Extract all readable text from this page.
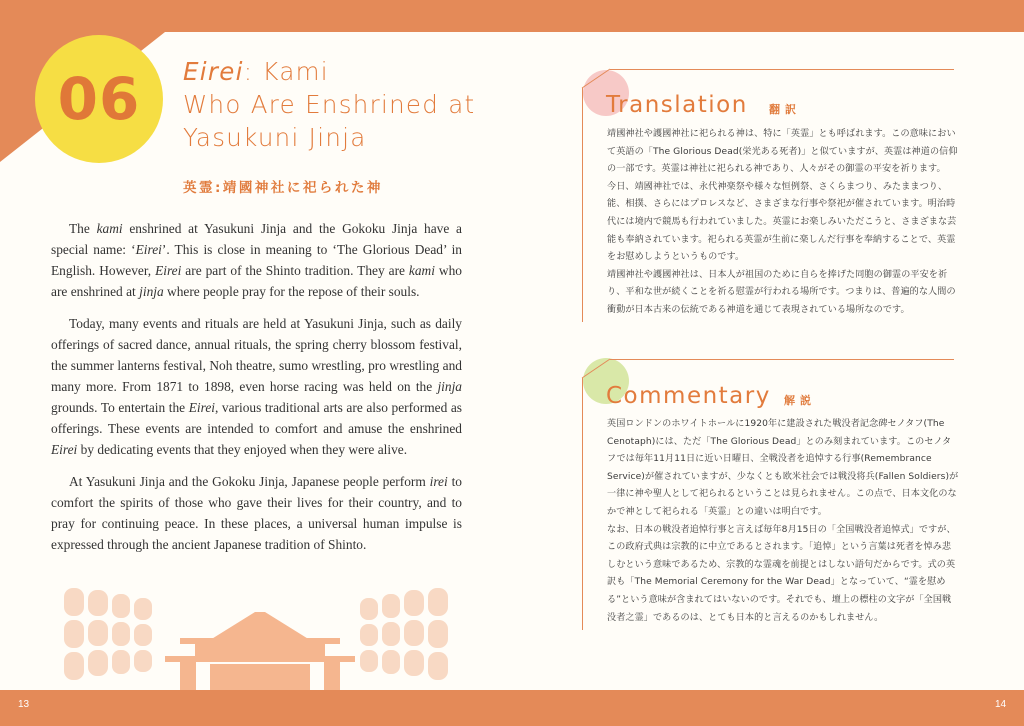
06	Eirei: Kami
Who Are Enshrined at
Yasukuni Jinja
英霊:靖國神社に祀られた神

The kami enshrined at Yasukuni Jinja and the Gokoku Jinja have a special name: ‘Eirei’. This is close in meaning to ‘The Glorious Dead’ in English. However, Eirei are part of the Shinto tradition. They are kami who are enshrined at jinja where people pray for the repose of their souls.

Today, many events and rituals are held at Yasukuni Jinja, such as daily offerings of sacred dance, annual rituals, the spring cherry blossom festival, the summer lanterns festival, Noh theatre, sumo wrestling, pro wrestling and many more. From 1871 to 1898, even horse racing was held on the jinja grounds. To entertain the Eirei, various traditional arts are also performed as offerings. These events are intended to comfort and amuse the enshrined Eirei by dedicating events that they enjoyed when they were alive.

At Yasukuni Jinja and the Gokoku Jinja, Japanese people perform irei to comfort the spirits of those who gave their lives for their country, and to pray for continuing peace. In these places, a universal human impulse is expressed through the ancient Japanese tradition of Shinto.

Translation 翻訳

靖國神社や護國神社に祀られる神は、特に「英霊」とも呼ばれます。この意味において英語の「The Glorious Dead(栄光ある死者)」と似ていますが、英霊は神道の信仰の一部です。英霊は神社に祀られる神であり、人々がその御霊の平安を祈ります。

今日、靖國神社では、永代神楽祭や様々な恒例祭、さくらまつり、みたままつり、能、相撲、さらにはプロレスなど、さまざまな行事や祭祀が催されています。明治時代には境内で競馬も行われていました。英霊にお楽しみいただこうと、さまざまな芸能も奉納されています。祀られる英霊が生前に楽しんだ行事を奉納することで、英霊をお慰めしようというものです。

靖國神社や護國神社は、日本人が祖国のために自らを捧げた同胞の御霊の平安を祈り、平和な世が続くことを祈る慰霊が行われる場所です。つまりは、普遍的な人間の衝動が日本古来の伝統である神道を通じて表現されている場所なのです。

Commentary 解説

英国ロンドンのホワイトホールに1920年に建設された戦没者記念碑セノタフ(The Cenotaph)には、ただ「The Glorious Dead」とのみ刻まれています。このセノタフでは毎年11月11日に近い日曜日、全戦没者を追悼する行事(Remembrance Service)が催されていますが、少なくとも欧米社会では戦没将兵(Fallen Soldiers)が一律に神や聖人として祀られるということは見られません。この点で、日本文化のなかで神として祀られる「英霊」との違いは明白です。

なお、日本の戦没者追悼行事と言えば毎年8月15日の「全国戦没者追悼式」ですが、この政府式典は宗教的に中立であるとされます。「追悼」という言葉は死者を悼み悲しむという意味であるため、宗教的な霊魂を前提とはしない語句だからです。式の英訳も「The Memorial Ceremony for the War Dead」となっていて、“霊を慰める”という意味が含まれてはいないのです。それでも、壇上の標柱の文字が「全国戦没者之霊」であるのは、とても日本的と言えるのかもしれません。

13	14
